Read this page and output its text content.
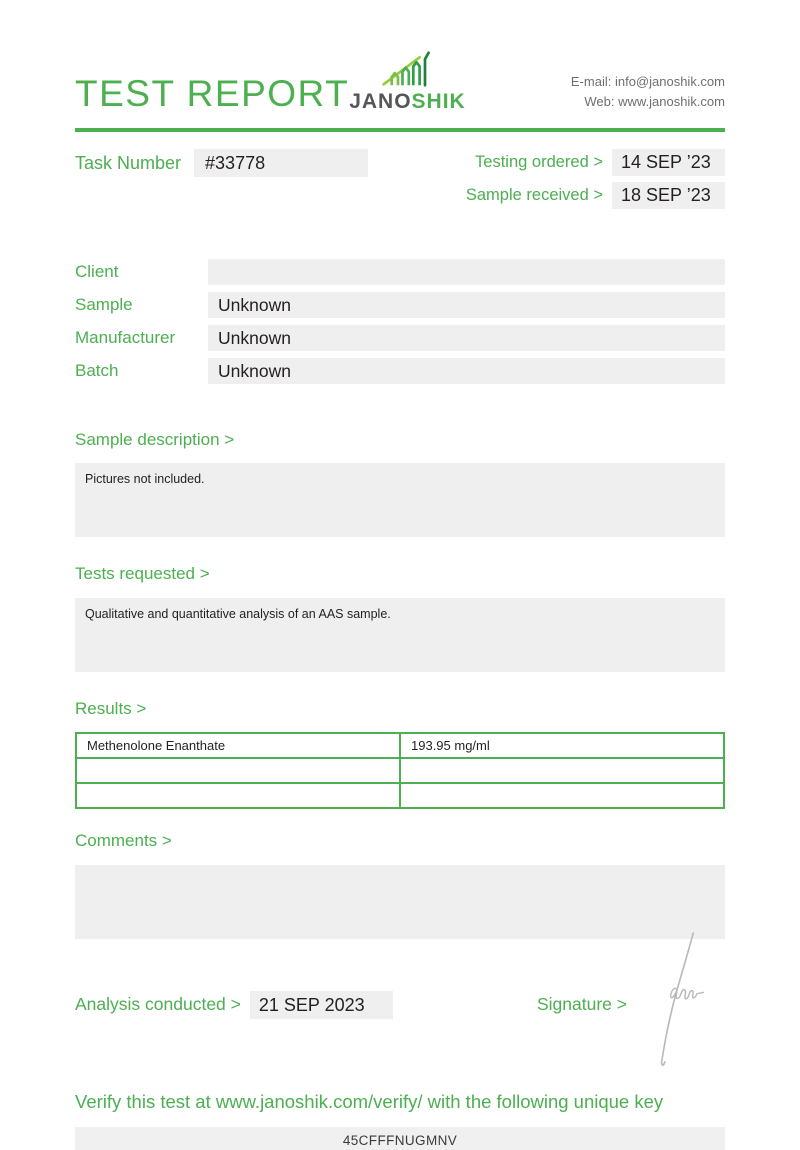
TEST REPORT JANOSHIK
E-mail: info@janoshik.com
Web: www.janoshik.com
Task Number	#33778	Testing ordered >	14 SEP ’23
Sample received >	18 SEP ’23
Client
Sample	Unknown
Manufacturer	Unknown
Batch	Unknown
Sample description >
Pictures not included.
Tests requested >
Qualitative and quantitative analysis of an AAS sample.
Results >
Methenolone Enanthate	193.95 mg/ml

Comments >
Analysis conducted >	21 SEP 2023	Signature >
Verify this test at www.janoshik.com/verify/ with the following unique key
45CFFFNUGMNV
